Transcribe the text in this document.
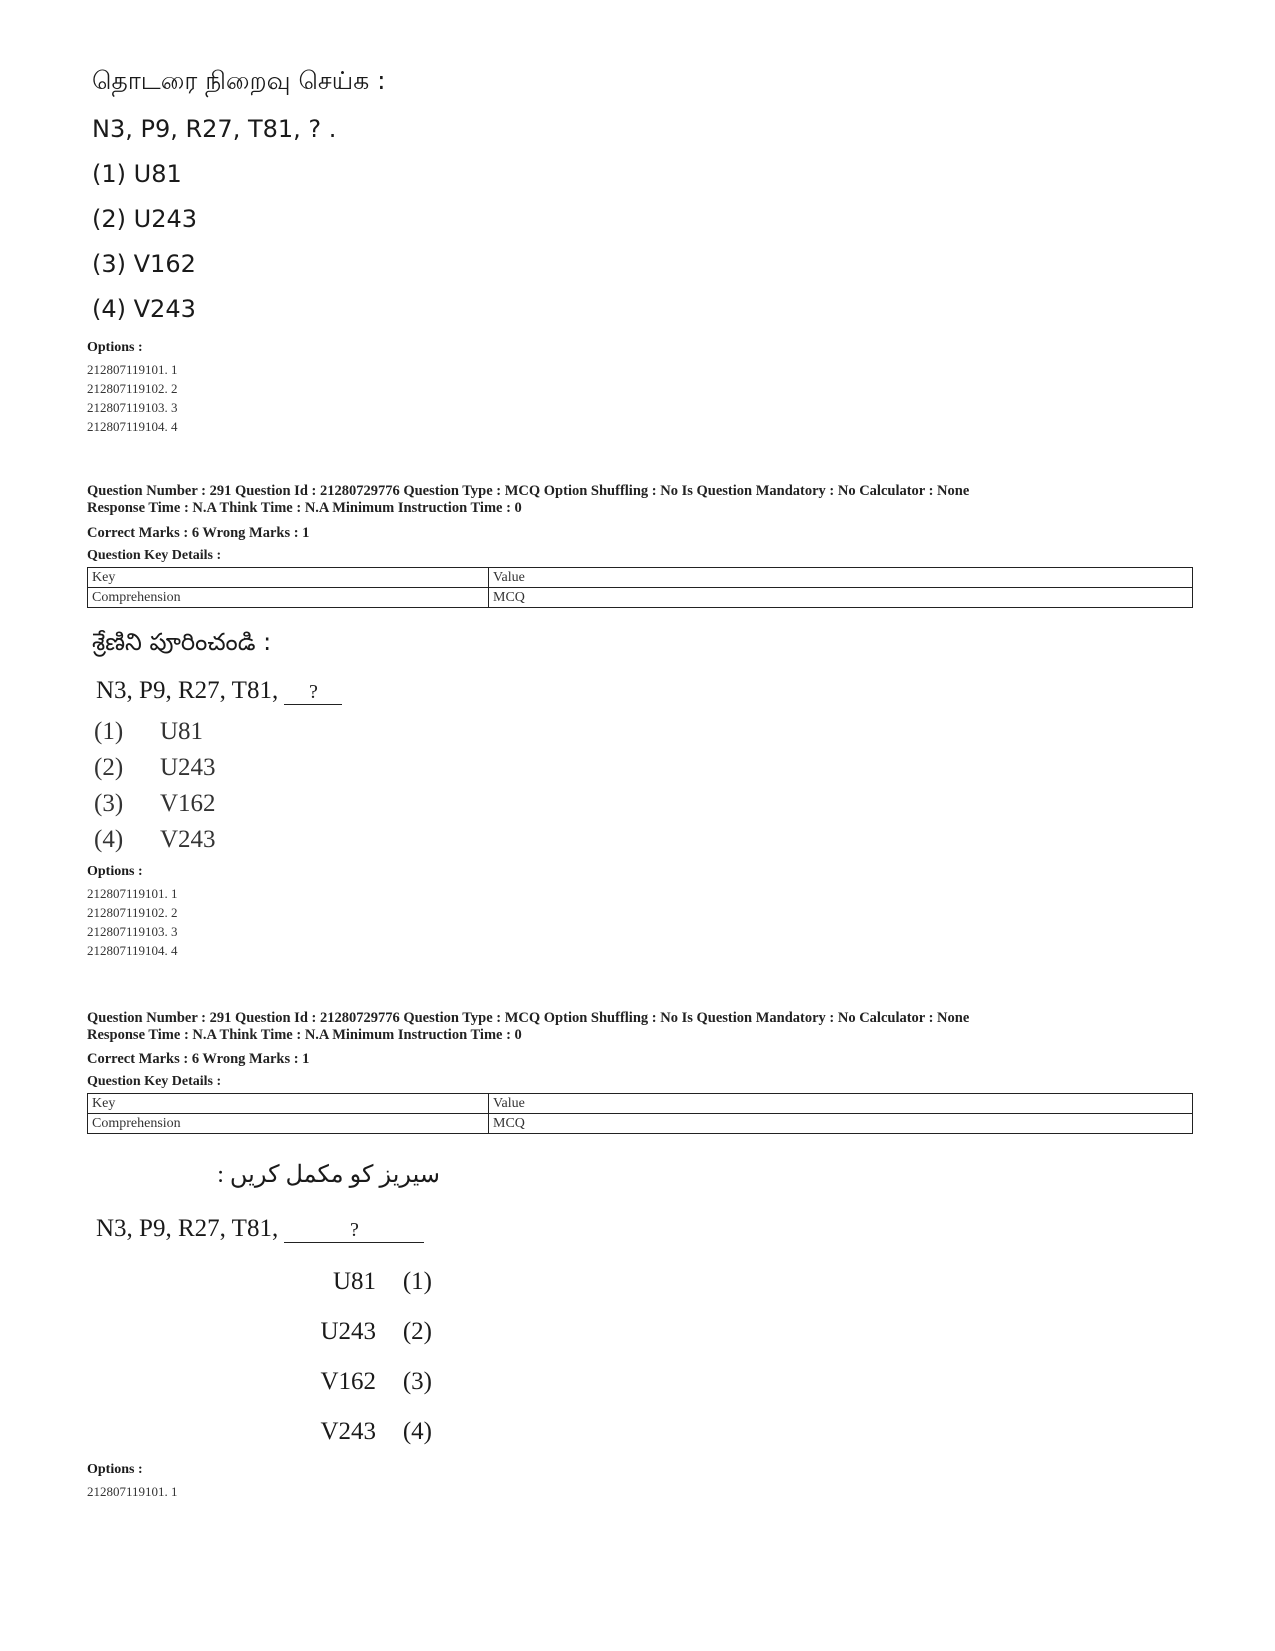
தொடரை நிறைவு செய்க :
N3, P9, R27, T81, ? .
(1) U81
(2) U243
(3) V162
(4) V243
Options :
212807119101. 1
212807119102. 2
212807119103. 3
212807119104. 4
Question Number : 291 Question Id : 21280729776 Question Type : MCQ Option Shuffling : No Is Question Mandatory : No Calculator : None
Response Time : N.A Think Time : N.A Minimum Instruction Time : 0
Correct Marks : 6 Wrong Marks : 1
Question Key Details :
Key	Value
Comprehension	MCQ
శ్రేణిని పూరించండి :
N3, P9, R27, T81, ?
(1) U81
(2) U243
(3) V162
(4) V243
Options :
212807119101. 1
212807119102. 2
212807119103. 3
212807119104. 4
Question Number : 291 Question Id : 21280729776 Question Type : MCQ Option Shuffling : No Is Question Mandatory : No Calculator : None
Response Time : N.A Think Time : N.A Minimum Instruction Time : 0
Correct Marks : 6 Wrong Marks : 1
Question Key Details :
Key	Value
Comprehension	MCQ
سیریز کو مکمل کریں :
N3, P9, R27, T81,	?
U81 (1)
U243 (2)
V162 (3)
V243 (4)
Options :
212807119101. 1
